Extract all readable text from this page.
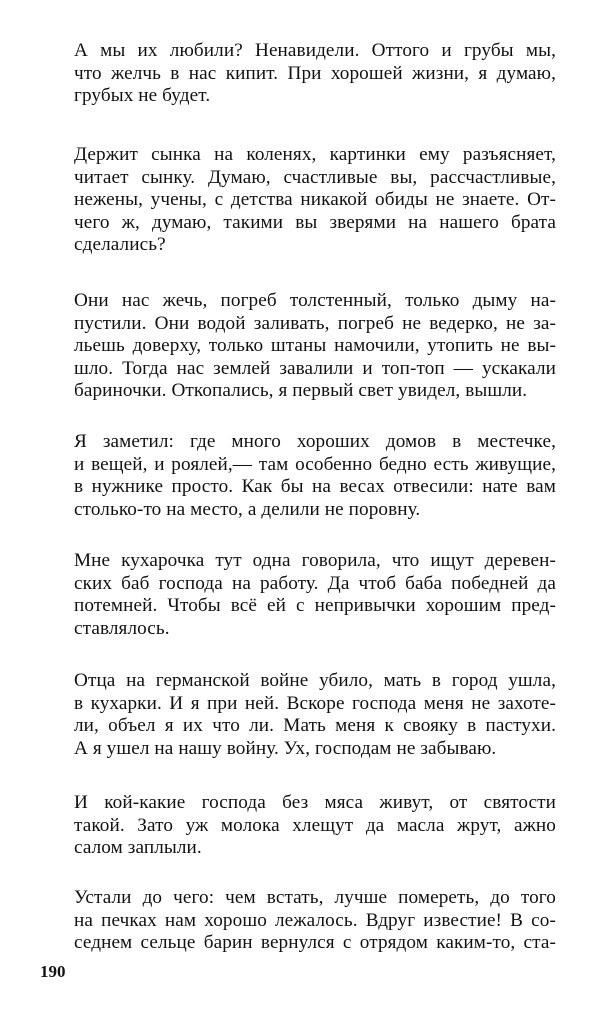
А мы их любили? Ненавидели. Оттого и грубы мы,
что желчь в нас кипит. При хорошей жизни, я думаю,
грубых не будет.
Держит сынка на коленях, картинки ему разъясняет,
читает сынку. Думаю, счастливые вы, рассчастливые,
нежены, учены, с детства никакой обиды не знаете. От-
чего ж, думаю, такими вы зверями на нашего брата
сделались?
Они нас жечь, погреб толстенный, только дыму на-
пустили. Они водой заливать, погреб не ведерко, не за-
льешь доверху, только штаны намочили, утопить не вы-
шло. Тогда нас землей завалили и топ-топ — ускакали
бариночки. Откопались, я первый свет увидел, вышли.
Я заметил: где много хороших домов в местечке,
и вещей, и роялей,— там особенно бедно есть живущие,
в нужнике просто. Как бы на весах отвесили: нате вам
столько-то на место, а делили не поровну.
Мне кухарочка тут одна говорила, что ищут деревен-
ских баб господа на работу. Да чтоб баба победней да
потемней. Чтобы всё ей с непривычки хорошим пред-
ставлялось.
Отца на германской войне убило, мать в город ушла,
в кухарки. И я при ней. Вскоре господа меня не захоте-
ли, объел я их что ли. Мать меня к свояку в пастухи.
А я ушел на нашу войну. Ух, господам не забываю.
И кой-какие господа без мяса живут, от святости
такой. Зато уж молока хлещут да масла жрут, ажно
салом заплыли.
Устали до чего: чем встать, лучше помереть, до того
на печках нам хорошо лежалось. Вдруг известие! В со-
седнем сельце барин вернулся с отрядом каким-то, ста-
190
